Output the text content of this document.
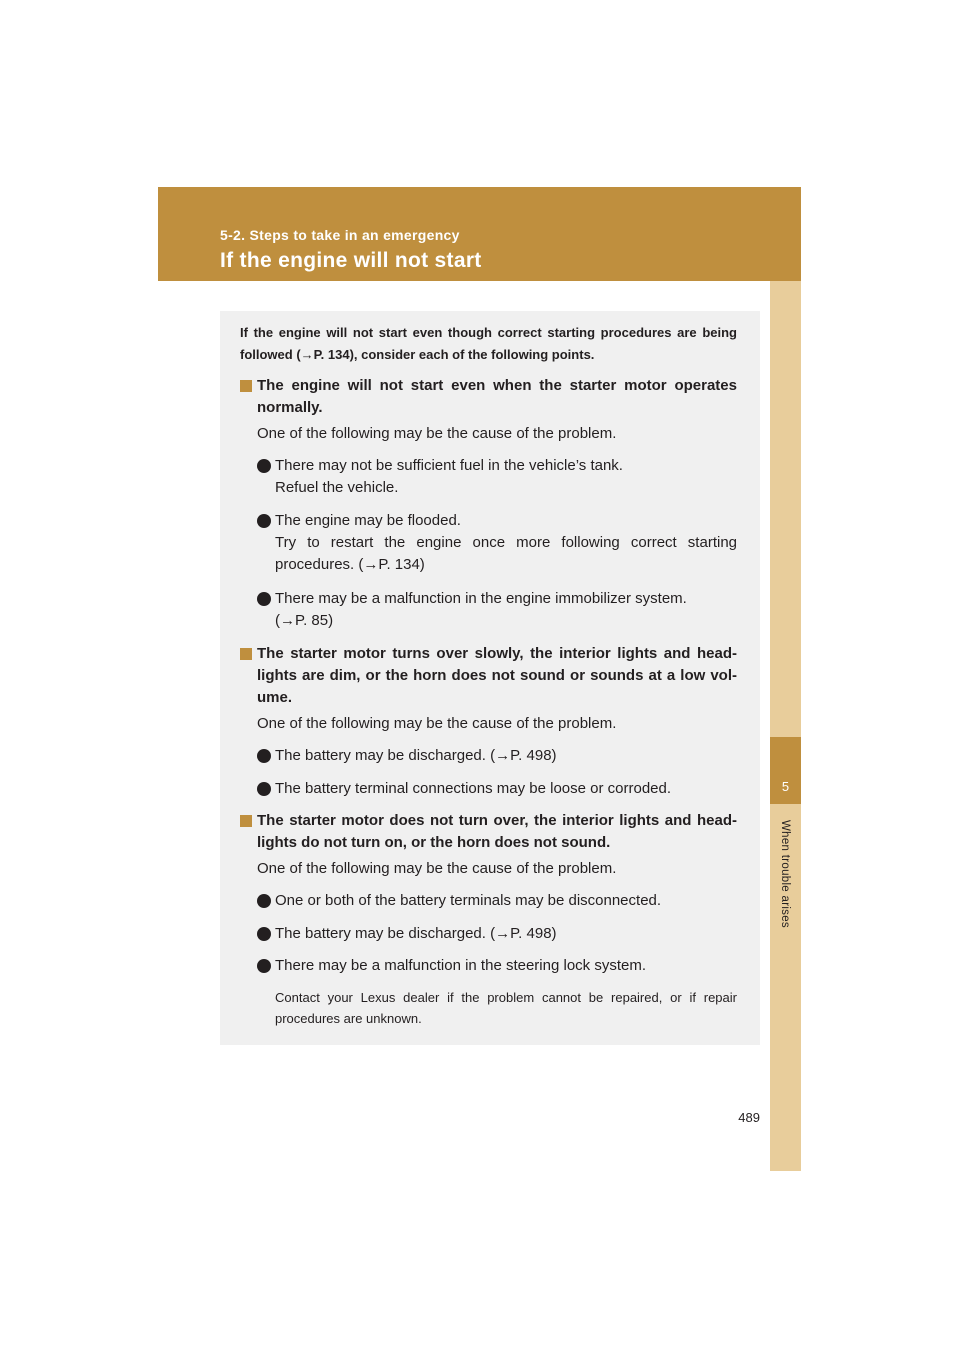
5-2. Steps to take in an emergency
If the engine will not start
5
When trouble arises
If the engine will not start even though correct starting procedures are being followed (→P. 134), consider each of the following points.
The engine will not start even when the starter motor operates normally.
One of the following may be the cause of the problem.
There may not be sufficient fuel in the vehicle’s tank.
Refuel the vehicle.
The engine may be flooded.
Try to restart the engine once more following correct starting procedures. (→P. 134)
There may be a malfunction in the engine immobilizer system.
(→P. 85)
The starter motor turns over slowly, the interior lights and head-lights are dim, or the horn does not sound or sounds at a low vol-ume.
One of the following may be the cause of the problem.
The battery may be discharged. (→P. 498)
The battery terminal connections may be loose or corroded.
The starter motor does not turn over, the interior lights and head-lights do not turn on, or the horn does not sound.
One of the following may be the cause of the problem.
One or both of the battery terminals may be disconnected.
The battery may be discharged. (→P. 498)
There may be a malfunction in the steering lock system.
Contact your Lexus dealer if the problem cannot be repaired, or if repair procedures are unknown.
489
